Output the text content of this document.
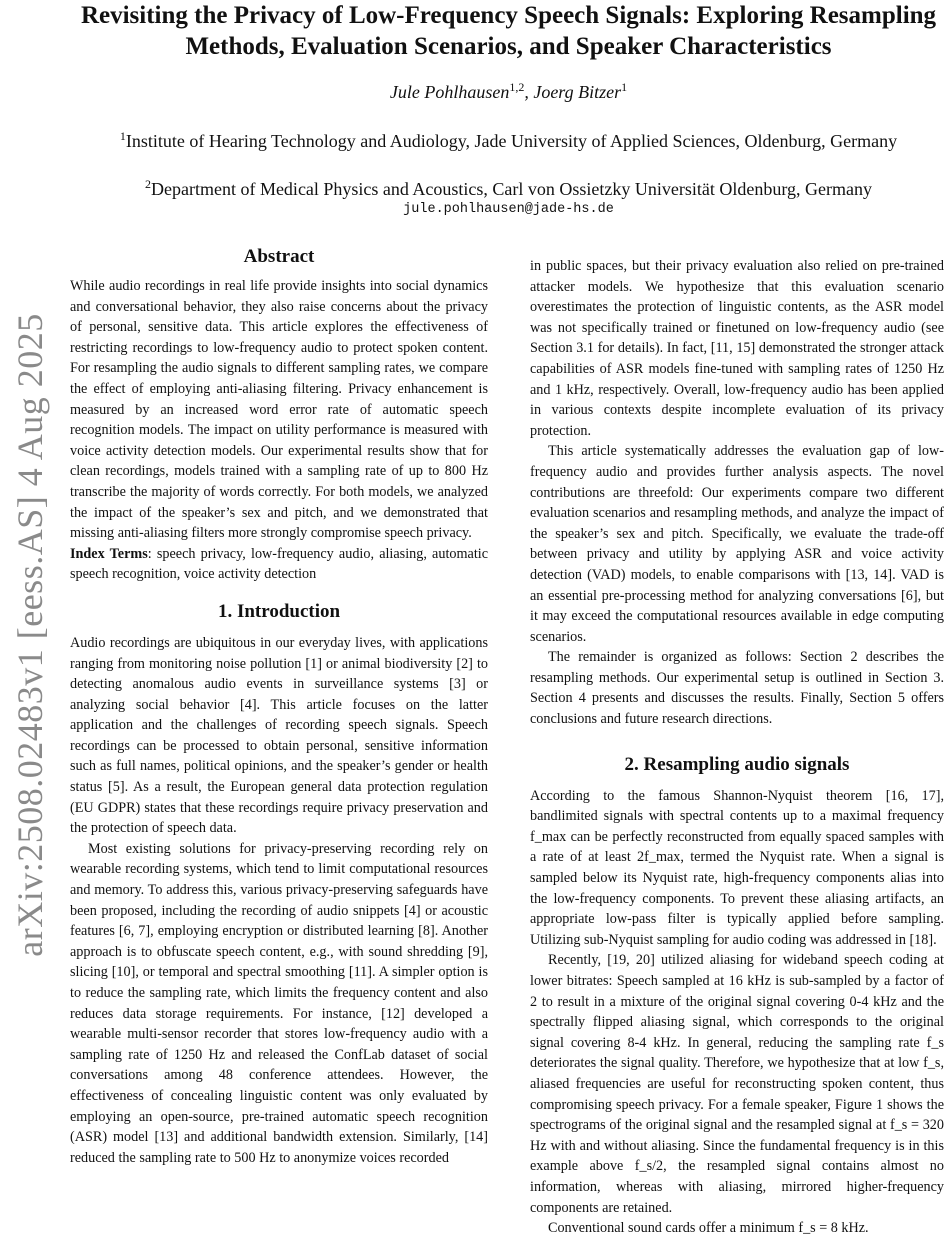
arXiv:2508.02483v1 [eess.AS] 4 Aug 2025
Revisiting the Privacy of Low-Frequency Speech Signals: Exploring Resampling Methods, Evaluation Scenarios, and Speaker Characteristics
Jule Pohlhausen$^{1,2}$, Joerg Bitzer$^1$
$^1$Institute of Hearing Technology and Audiology, Jade University of Applied Sciences, Oldenburg, Germany
$^2$Department of Medical Physics and Acoustics, Carl von Ossietzky Universität Oldenburg, Germany
jule.pohlhausen@jade-hs.de
Abstract

While audio recordings in real life provide insights into social dynamics and conversational behavior, they also raise concerns about the privacy of personal, sensitive data. This article explores the effectiveness of restricting recordings to low-frequency audio to protect spoken content. For resampling the audio signals to different sampling rates, we compare the effect of employing anti-aliasing filtering. Privacy enhancement is measured by an increased word error rate of automatic speech recognition models. The impact on utility performance is measured with voice activity detection models. Our experimental results show that for clean recordings, models trained with a sampling rate of up to 800 Hz transcribe the majority of words correctly. For both models, we analyzed the impact of the speaker’s sex and pitch, and we demonstrated that missing anti-aliasing filters more strongly compromise speech privacy.

Index Terms: speech privacy, low-frequency audio, aliasing, automatic speech recognition, voice activity detection

1. Introduction

Audio recordings are ubiquitous in our everyday lives, with applications ranging from monitoring noise pollution [1] or animal biodiversity [2] to detecting anomalous audio events in surveillance systems [3] or analyzing social behavior [4]. This article focuses on the latter application and the challenges of recording speech signals. Speech recordings can be processed to obtain personal, sensitive information such as full names, political opinions, and the speaker’s gender or health status [5]. As a result, the European general data protection regulation (EU GDPR) states that these recordings require privacy preservation and the protection of speech data.

Most existing solutions for privacy-preserving recording rely on wearable recording systems, which tend to limit computational resources and memory. To address this, various privacy-preserving safeguards have been proposed, including the recording of audio snippets [4] or acoustic features [6, 7], employing encryption or distributed learning [8]. Another approach is to obfuscate speech content, e.g., with sound shredding [9], slicing [10], or temporal and spectral smoothing [11]. A simpler option is to reduce the sampling rate, which limits the frequency content and also reduces data storage requirements. For instance, [12] developed a wearable multi-sensor recorder that stores low-frequency audio with a sampling rate of 1250 Hz and released the ConfLab dataset of social conversations among 48 conference attendees. However, the effectiveness of concealing linguistic content was only evaluated by employing an open-source, pre-trained automatic speech recognition (ASR) model [13] and additional bandwidth extension. Similarly, [14] reduced the sampling rate to 500 Hz to anonymize voices recorded

in public spaces, but their privacy evaluation also relied on pre-trained attacker models. We hypothesize that this evaluation scenario overestimates the protection of linguistic contents, as the ASR model was not specifically trained or finetuned on low-frequency audio (see Section 3.1 for details). In fact, [11, 15] demonstrated the stronger attack capabilities of ASR models fine-tuned with sampling rates of 1250 Hz and 1 kHz, respectively. Overall, low-frequency audio has been applied in various contexts despite incomplete evaluation of its privacy protection.

This article systematically addresses the evaluation gap of low-frequency audio and provides further analysis aspects. The novel contributions are threefold: Our experiments compare two different evaluation scenarios and resampling methods, and analyze the impact of the speaker’s sex and pitch. Specifically, we evaluate the trade-off between privacy and utility by applying ASR and voice activity detection (VAD) models, to enable comparisons with [13, 14]. VAD is an essential pre-processing method for analyzing conversations [6], but it may exceed the computational resources available in edge computing scenarios.

The remainder is organized as follows: Section 2 describes the resampling methods. Our experimental setup is outlined in Section 3. Section 4 presents and discusses the results. Finally, Section 5 offers conclusions and future research directions.

2. Resampling audio signals

According to the famous Shannon-Nyquist theorem [16, 17], bandlimited signals with spectral contents up to a maximal frequency f_max can be perfectly reconstructed from equally spaced samples with a rate of at least 2f_max, termed the Nyquist rate. When a signal is sampled below its Nyquist rate, high-frequency components alias into the low-frequency components. To prevent these aliasing artifacts, an appropriate low-pass filter is typically applied before sampling. Utilizing sub-Nyquist sampling for audio coding was addressed in [18].

Recently, [19, 20] utilized aliasing for wideband speech coding at lower bitrates: Speech sampled at 16 kHz is sub-sampled by a factor of 2 to result in a mixture of the original signal covering 0-4 kHz and the spectrally flipped aliasing signal, which corresponds to the original signal covering 8-4 kHz. In general, reducing the sampling rate f_s deteriorates the signal quality. Therefore, we hypothesize that at low f_s, aliased frequencies are useful for reconstructing spoken content, thus compromising speech privacy. For a female speaker, Figure 1 shows the spectrograms of the original signal and the resampled signal at f_s = 320 Hz with and without aliasing. Since the fundamental frequency is in this example above f_s/2, the resampled signal contains almost no information, whereas with aliasing, mirrored higher-frequency components are retained.

Conventional sound cards offer a minimum f_s = 8 kHz.
